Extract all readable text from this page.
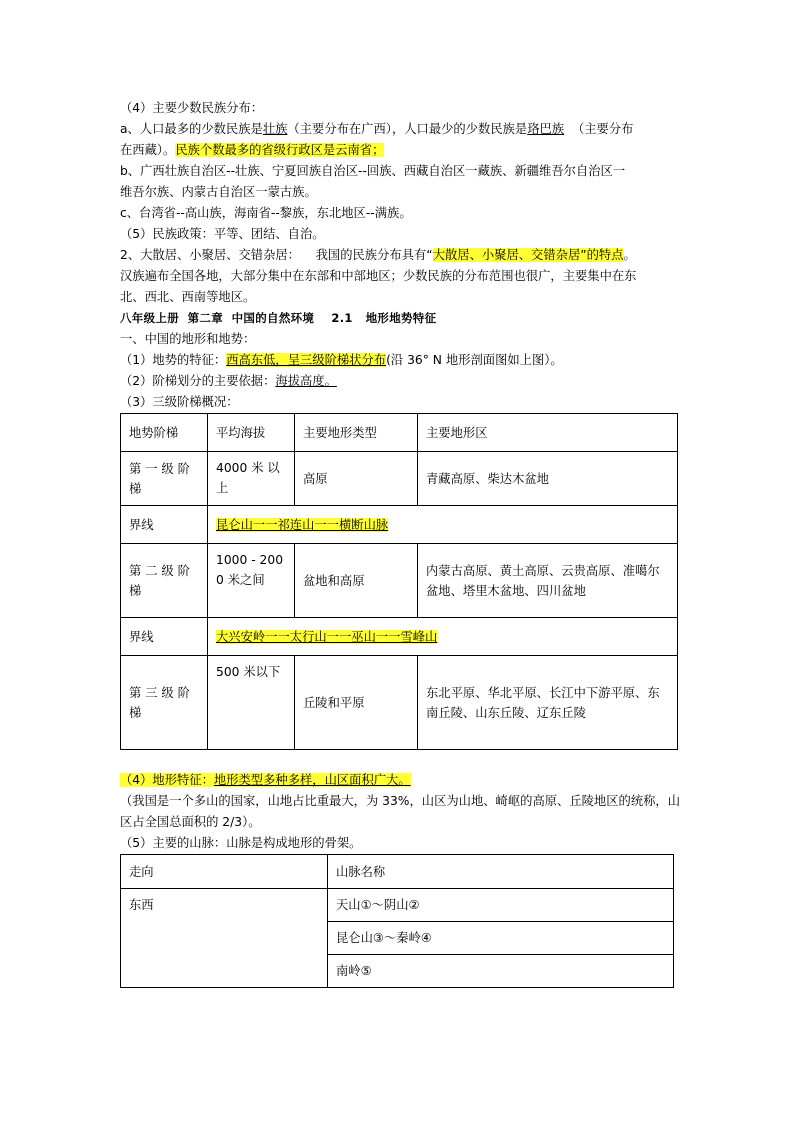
（4）主要少数民族分布：
a、人口最多的少数民族是壮族（主要分布在广西），人口最少的少数民族是珞巴族  （主要分布
在西藏）。民族个数最多的省级行政区是云南省；
b、广西壮族自治区--壮族、宁夏回族自治区--回族、西藏自治区一藏族、新疆维吾尔自治区一
维吾尔族、内蒙古自治区一蒙古族。
c、台湾省--高山族，海南省--黎族，东北地区--满族。
（5）民族政策：平等、团结、自治。
2、大散居、小聚居、交错杂居：    我国的民族分布具有“大散居、小聚居、交错杂居”的特点。
汉族遍布全国各地，大部分集中在东部和中部地区；少数民族的分布范围也很广，主要集中在东
北、西北、西南等地区。
八年级上册  第二章  中国的自然环境    2.1   地形地势特征
一、中国的地形和地势：
（1）地势的特征：西高东低，呈三级阶梯状分布(沿 36° N 地形剖面图如上图）。
（2）阶梯划分的主要依据：海拔高度。
（3）三级阶梯概况：
地势阶梯	平均海拔	主要地形类型	主要地形区
第 一 级 阶 梯	4000 米 以 上	高原	青藏高原、柴达木盆地
界线	昆仑山一一祁连山一一横断山脉		
第 二 级 阶 梯	1000 - 2000 米之间	盆地和高原	内蒙古高原、黄土高原、云贵高原、准噶尔盆地、塔里木盆地、四川盆地
界线	大兴安岭一一太行山一一巫山一一雪峰山		
第 三 级 阶 梯	500 米以下	丘陵和平原	东北平原、华北平原、长江中下游平原、东南丘陵、山东丘陵、辽东丘陵
（4）地形特征：地形类型多种多样，山区面积广大。
（我国是一个多山的国家，山地占比重最大，为 33%，山区为山地、崎岖的高原、丘陵地区的统称，山区占全国总面积的 2/3）。
（5）主要的山脉：山脉是构成地形的骨架。
走向	山脉名称
东西	天山①～阴山②
	昆仑山③～秦岭④
	南岭⑤
